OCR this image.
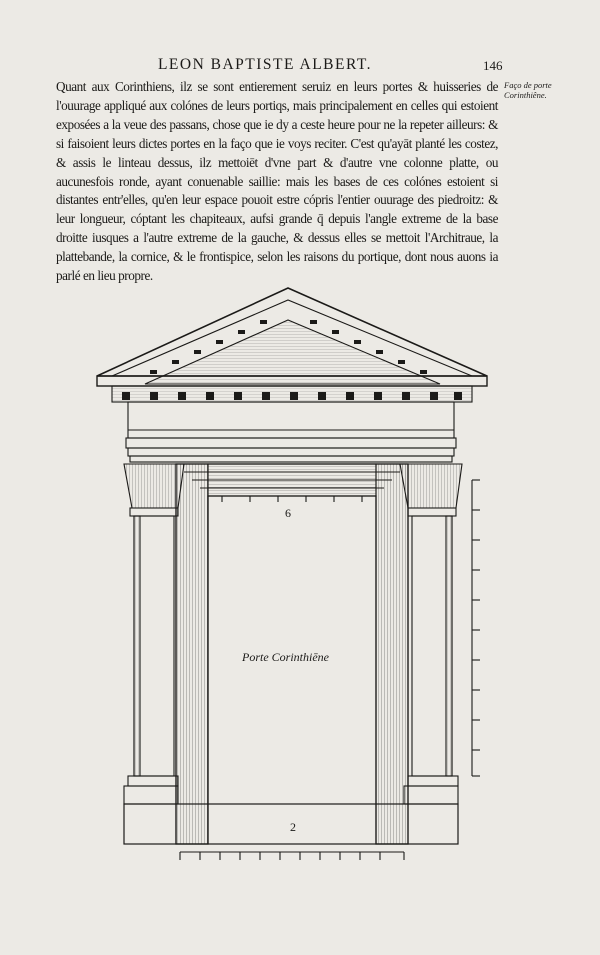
LEON BAPTISTE ALBERT.	146
Faço de porte Corinthiêne.

Quant aux Corinthiens, ilz se sont entierement seruiz en leurs portes & huisseries de l'ouurage appliqué aux colónes de leurs portiqs, mais principalement en celles qui estoient exposées a la veue des passans, chose que ie dy a ceste heure pour ne la repeter ailleurs: & si faisoient leurs dictes portes en la faço que ie voys reciter. C'est qu'ayāt planté les costez, & assis le linteau dessus, ilz mettoiēt d'vne part & d'autre vne colonne platte, ou aucunesfois ronde, ayant conuenable saillie: mais les bases de ces colónes estoient si distantes entr'elles, qu'en leur espace pouoit estre cópris l'entier ouurage des piedroitz: & leur longueur, cóptant les chapiteaux, aufsi grande q̄ depuis l'angle extreme de la base droitte iusques a l'autre extreme de la gauche, & dessus elles se mettoit l'Architraue, la plattebande, la cornice, & le frontispice, selon les raisons du portique, dont nous auons ia parlé en lieu propre.

Porte Corinthiēne
6
2
